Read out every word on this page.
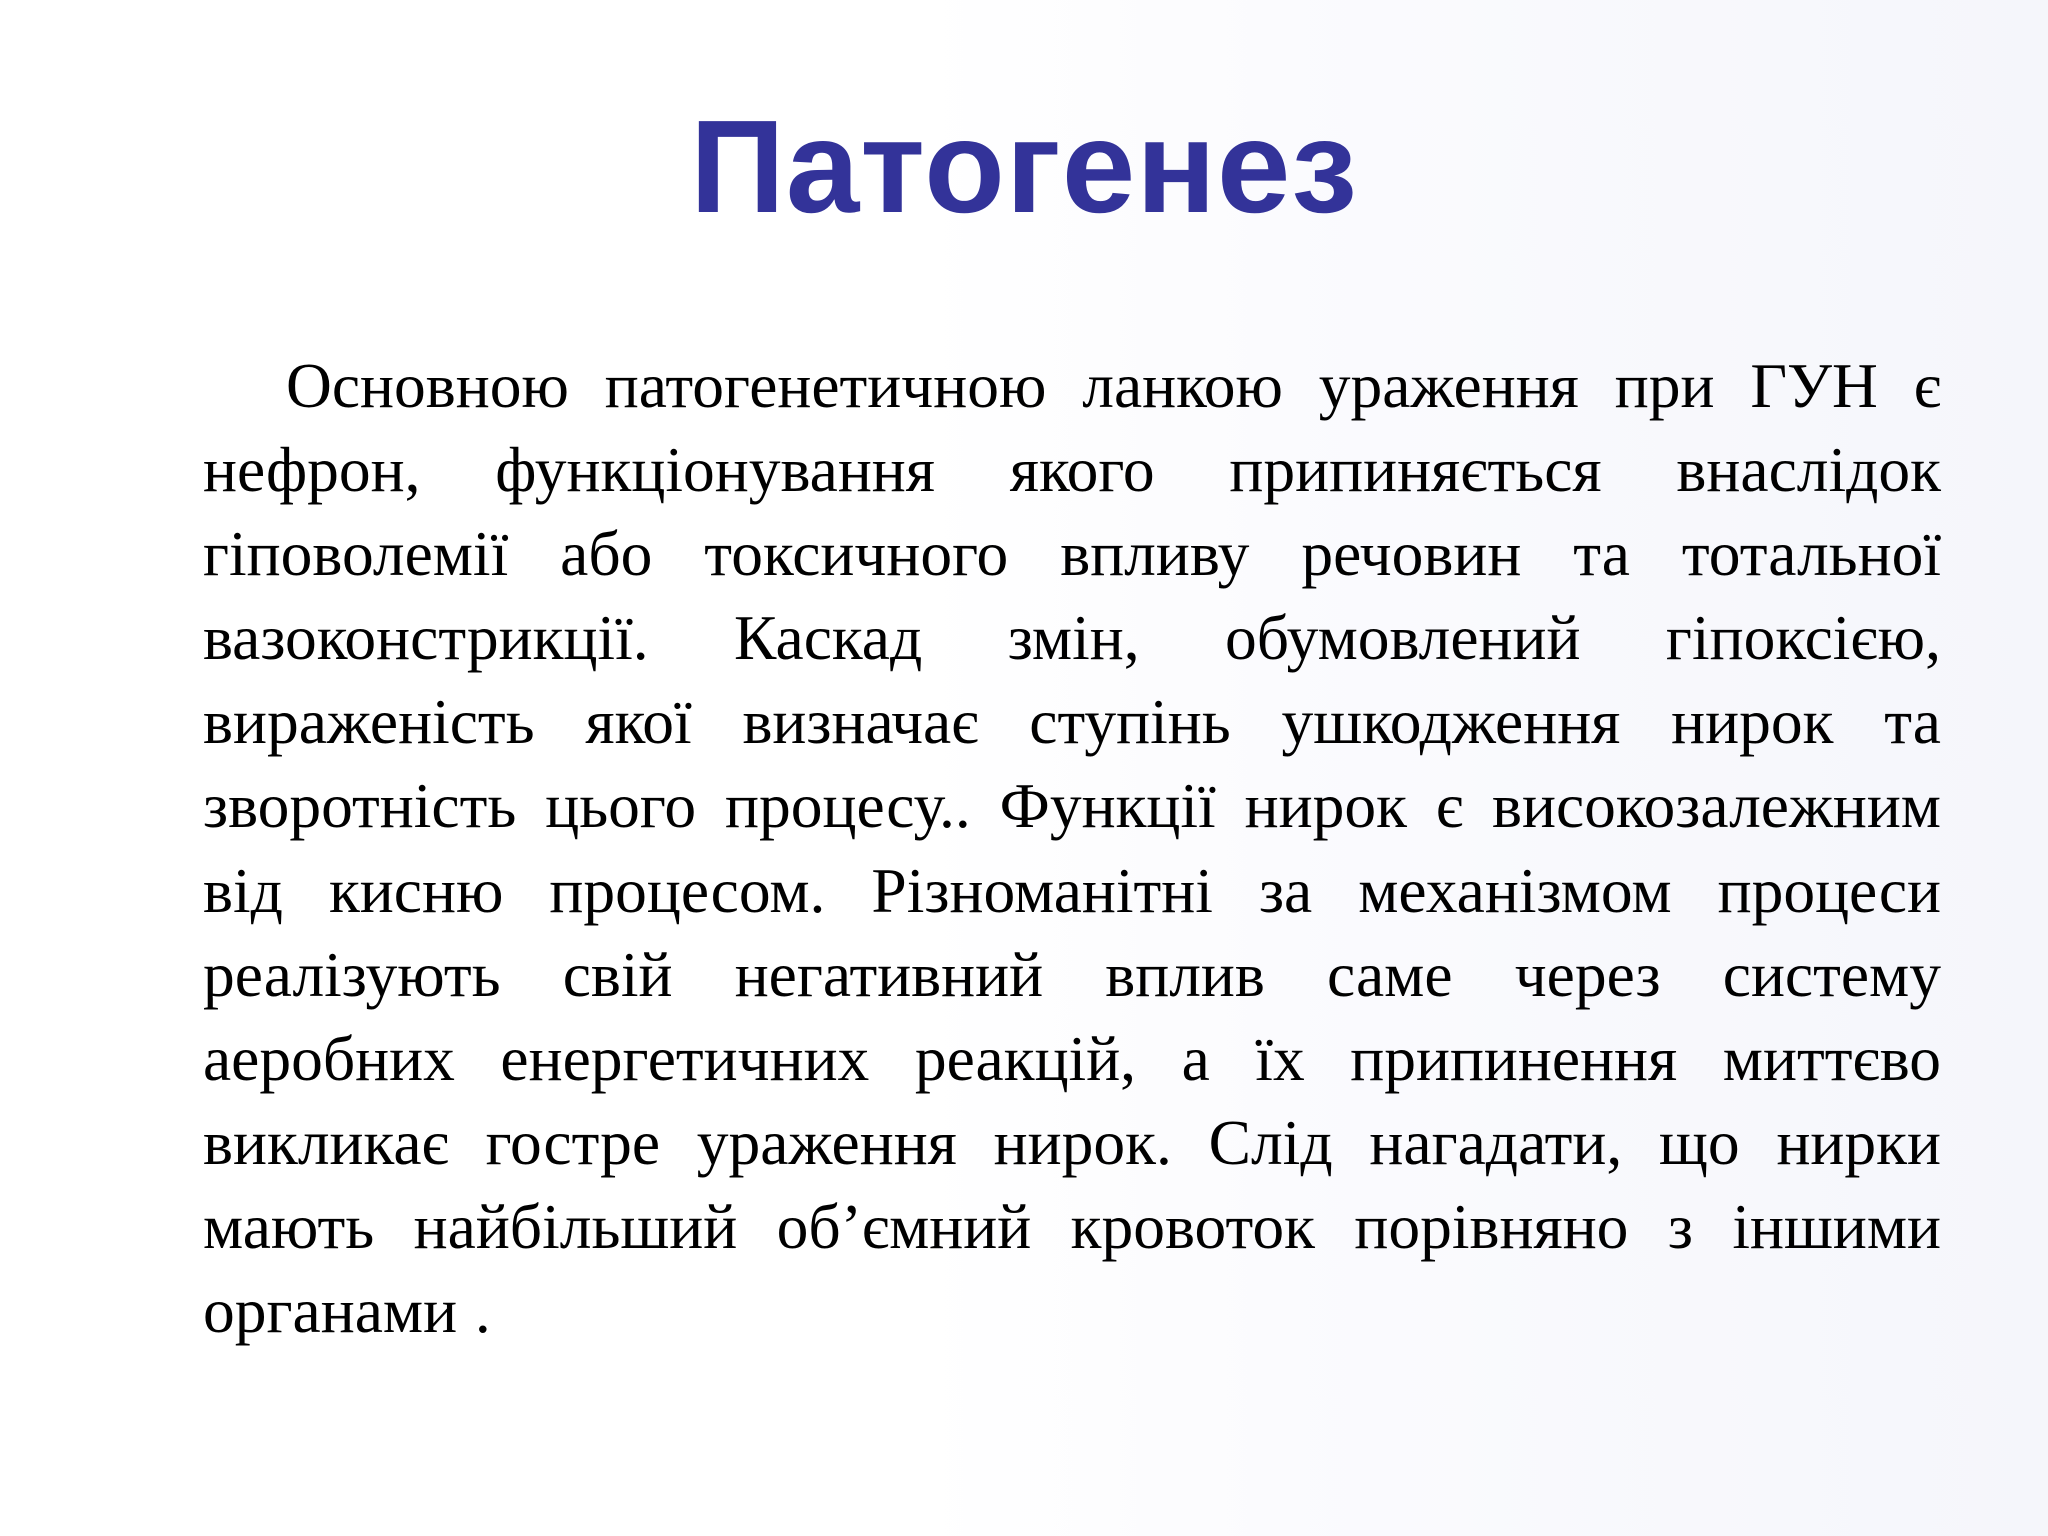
Патогенез

Основною патогенетичною ланкою ураження при ГУН є нефрон, функціонування якого припиняється внаслідок гіповолемії або токсичного впливу речовин та тотальної вазоконстрикції. Каскад змін, обумовлений гіпоксією, вираженість якої визначає ступінь ушкодження нирок та зворотність цього процесу.. Функції нирок є високозалежним від кисню процесом. Різноманітні за механізмом процеси реалізують свій негативний вплив саме через систему аеробних енергетичних реакцій, а їх припинення миттєво викликає гостре ураження нирок. Слід нагадати, що нирки мають найбільший об’ємний кровоток порівняно з іншими органами .
